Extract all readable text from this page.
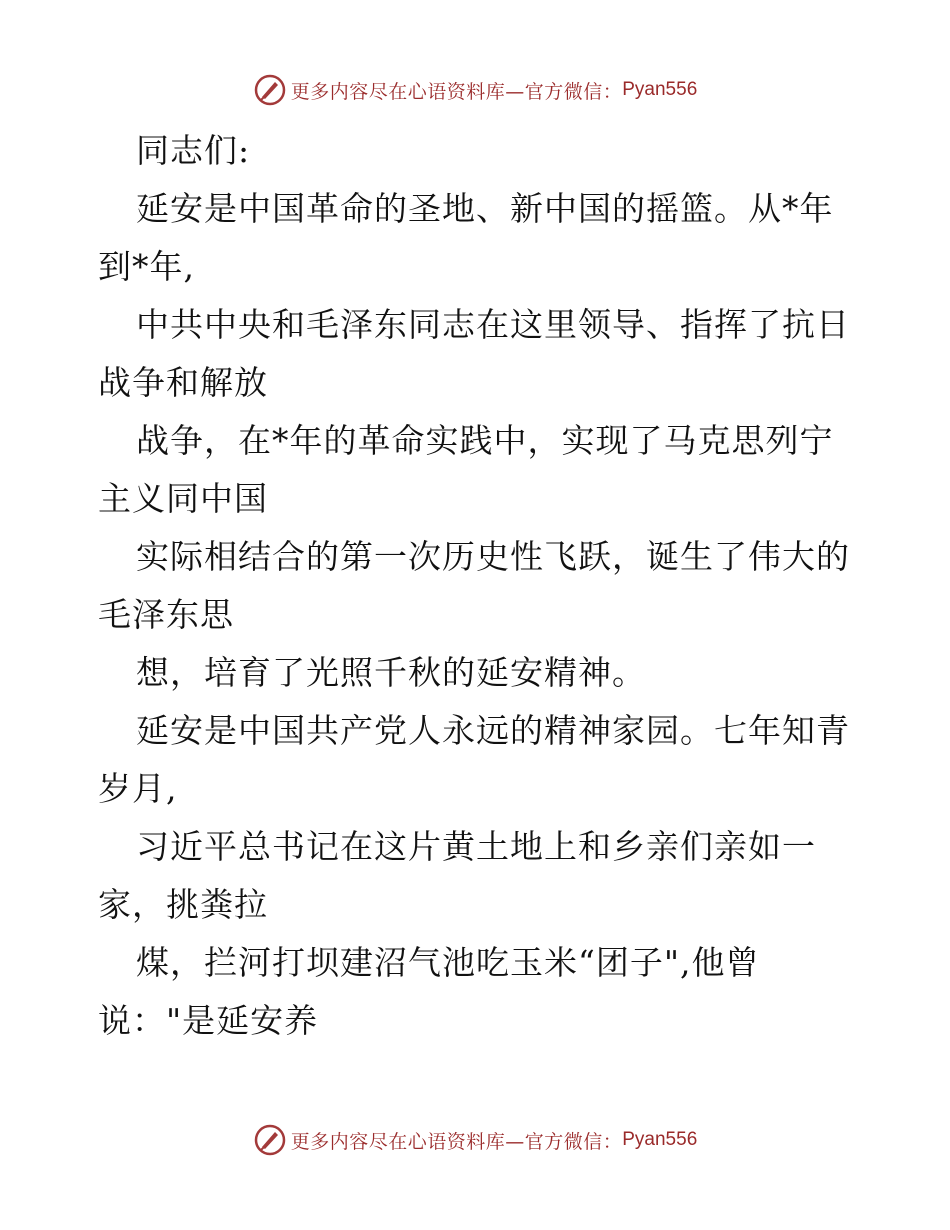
更多内容尽在心语资料库—官方微信： Pyan556
同志们:
延安是中国革命的圣地、新中国的摇篮。从*年
到*年,
中共中央和毛泽东同志在这里领导、指挥了抗日
战争和解放
战争，在*年的革命实践中，实现了马克思列宁
主义同中国
实际相结合的第一次历史性飞跃，诞生了伟大的
毛泽东思
想，培育了光照千秋的延安精神。
延安是中国共产党人永远的精神家园。七年知青
岁月,
习近平总书记在这片黄土地上和乡亲们亲如一
家，挑粪拉
煤，拦河打坝建沼气池吃玉米“团子",他曾
说："是延安养
更多内容尽在心语资料库—官方微信： Pyan556
